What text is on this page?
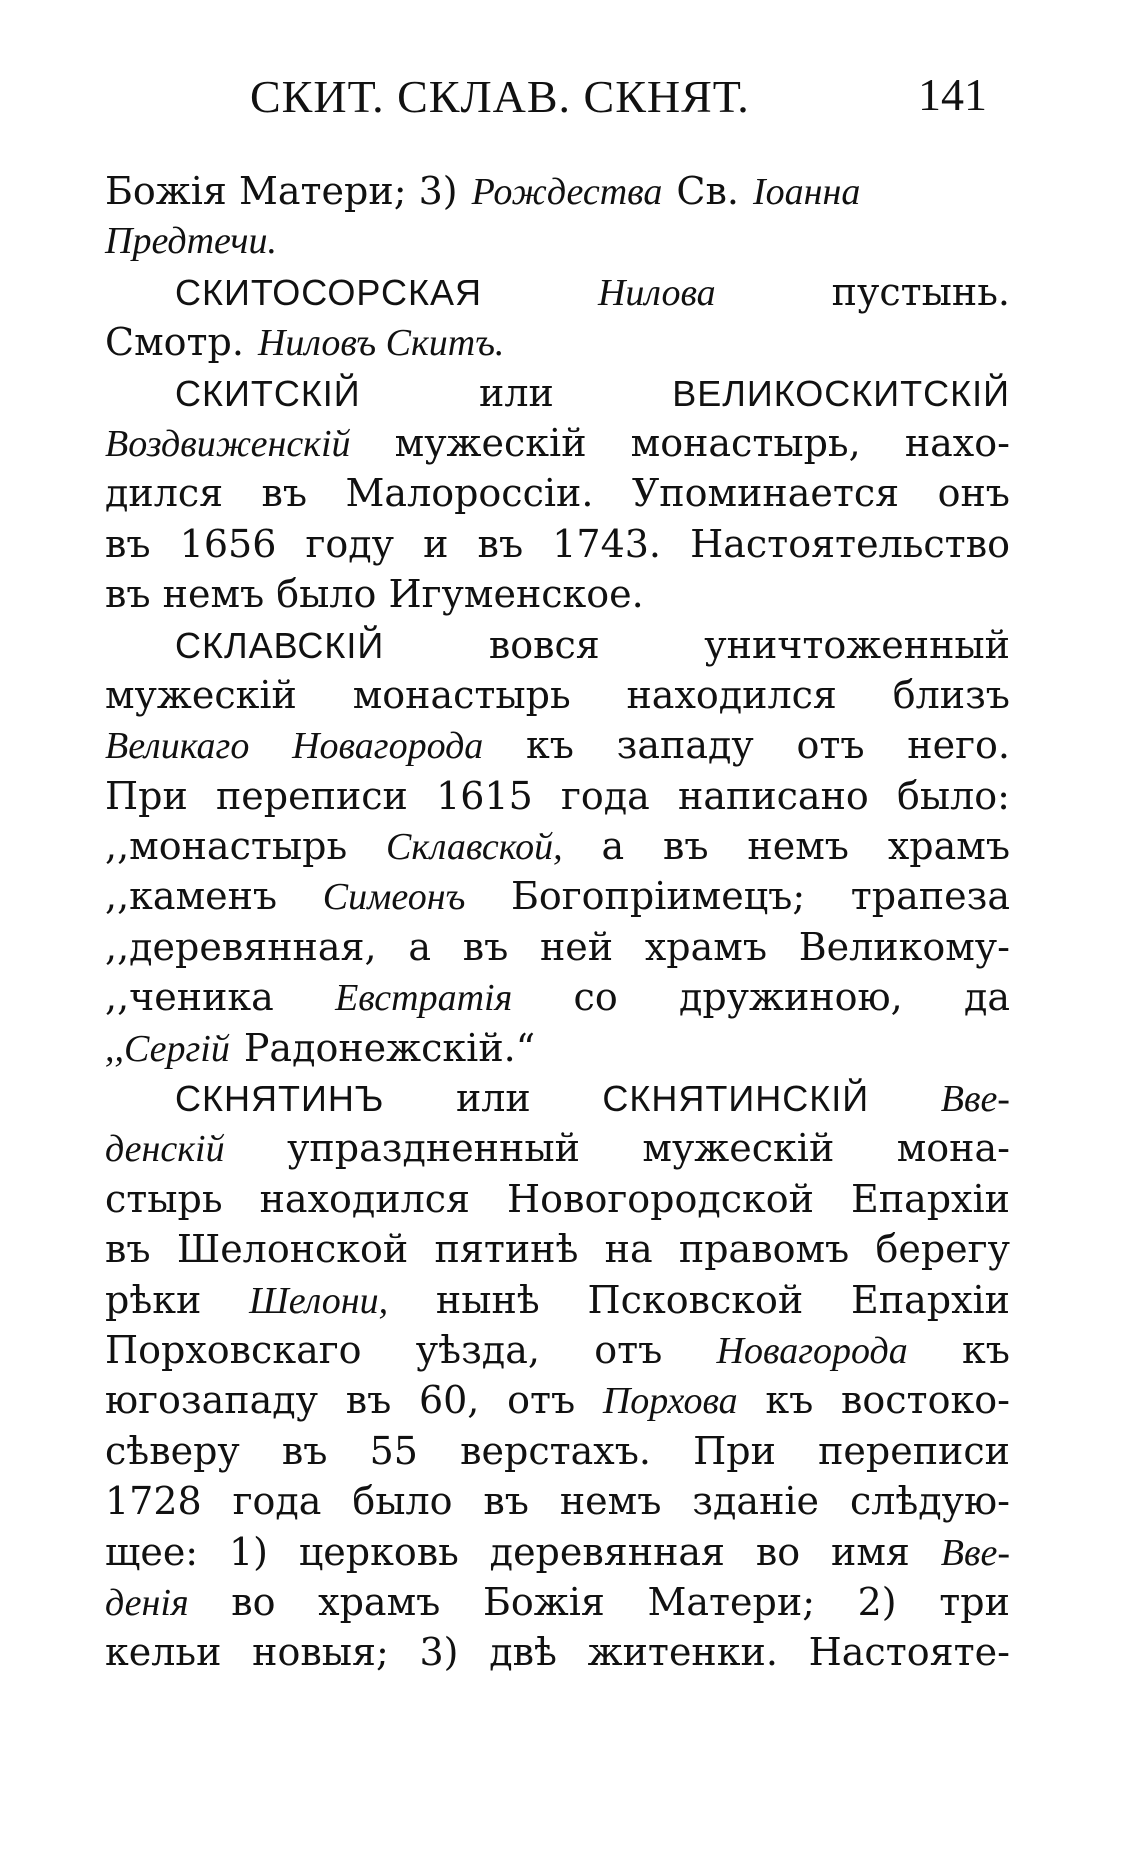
СКИТ. СКЛАВ. СКНЯТ.	141
Божія Матери; 3) Рождества Св. Іоанна
Предтечи.
СКИТОСОРСКАЯ	Нилова	пустынь.
Смотр. Ниловъ Скитъ.
СКИТСКІЙ	или	ВЕЛИКОСКИТСКІЙ
Воздвиженскій мужескій монастырь, нахо-
дился въ Малороссіи. Упоминается онъ
въ 1656 году и въ 1743. Настоятельство
въ немъ было Игуменское.
СКЛАВСКІЙ	вовся	уничтоженный
мужескій монастырь находился близъ
Великаго Новагорода къ западу отъ него.
При переписи 1615 года написано было:
,,монастырь Склавской, а въ немъ храмъ
,,каменъ Симеонъ Богопріимецъ; трапеза
,,деревянная, а въ ней храмъ Великому-
,,ченика Евстратія со дружиною, да
,,Сергій Радонежскій.“
СКНЯТИНЪ или СКНЯТИНСКІЙ Вве-
денскій упраздненный мужескій мона-
стырь находился Новогородской Епархіи
въ Шелонской пятинѣ на правомъ берегу
рѣки Шелони, нынѣ Псковской Епархіи
Порховскаго уѣзда, отъ Новагорода къ
югозападу въ 60, отъ Порхова къ востоко-
сѣверу въ 55 верстахъ. При переписи
1728 года было въ немъ зданіе слѣдую-
щее: 1) церковь деревянная во имя Вве-
денія во храмъ Божія Матери; 2) три
кельи новыя; 3) двѣ житенки. Настояте-
